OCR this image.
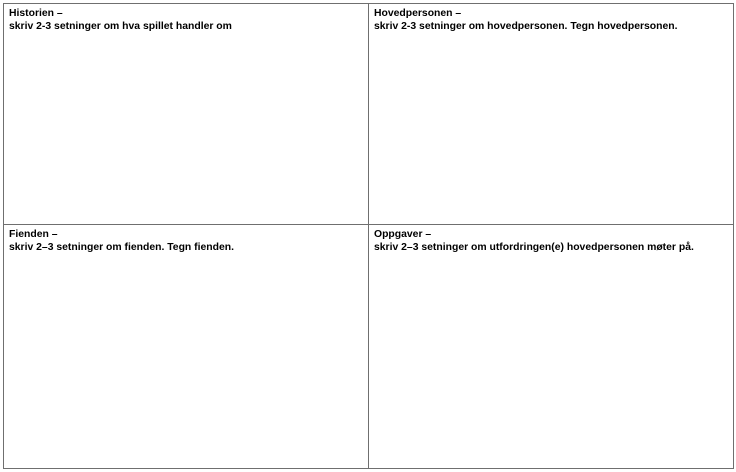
Historien –
skriv 2-3 setninger om hva spillet handler om
Hovedpersonen –
skriv 2-3 setninger om hovedpersonen. Tegn hovedpersonen.
Fienden –
skriv 2–3 setninger om fienden. Tegn fienden.
Oppgaver –
skriv 2–3 setninger om utfordringen(e) hovedpersonen møter på.
